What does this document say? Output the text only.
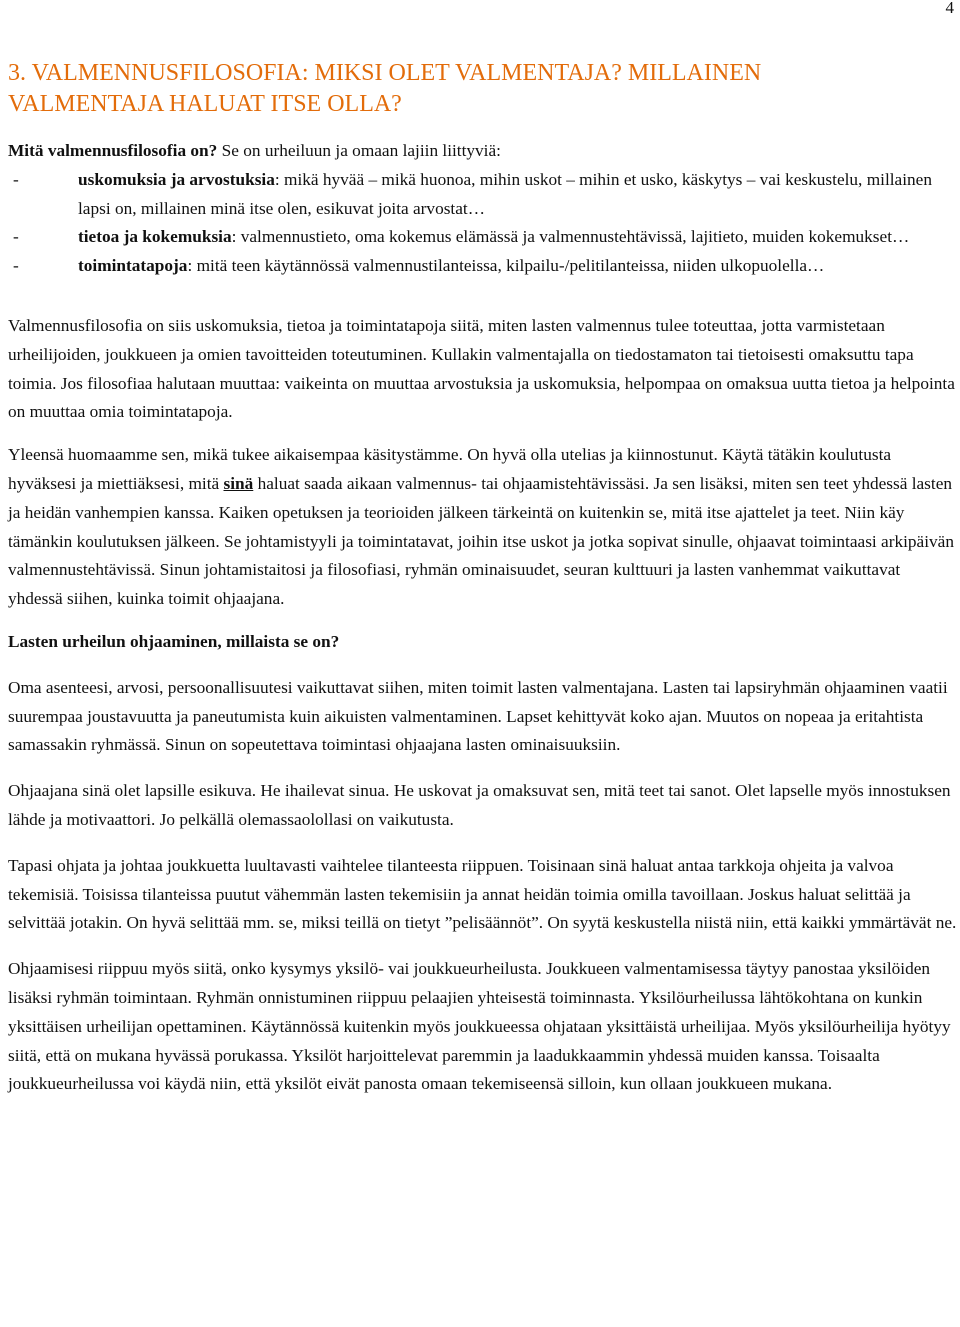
4
3. VALMENNUSFILOSOFIA: MIKSI OLET VALMENTAJA? MILLAINEN
VALMENTAJA HALUAT ITSE OLLA?

Mitä valmennusfilosofia on? Se on urheiluun ja omaan lajiin liittyviä:

-	uskomuksia ja arvostuksia: mikä hyvää – mikä huonoa, mihin uskot – mihin et usko, käskytys – vai keskustelu, millainen lapsi on, millainen minä itse olen, esikuvat joita arvostat…
-	tietoa ja kokemuksia: valmennustieto, oma kokemus elämässä ja valmennustehtävissä, lajitieto, muiden kokemukset…
-	toimintatapoja: mitä teen käytännössä valmennustilanteissa, kilpailu-/pelitilanteissa, niiden ulkopuolella…

Valmennusfilosofia on siis uskomuksia, tietoa ja toimintatapoja siitä, miten lasten valmennus tulee toteuttaa, jotta varmistetaan urheilijoiden, joukkueen ja omien tavoitteiden toteutuminen. Kullakin valmentajalla on tiedostamaton tai tietoisesti omaksuttu tapa toimia. Jos filosofiaa halutaan muuttaa: vaikeinta on muuttaa arvostuksia ja uskomuksia, helpompaa on omaksua uutta tietoa ja helpointa on muuttaa omia toimintatapoja.

Yleensä huomaamme sen, mikä tukee aikaisempaa käsitystämme. On hyvä olla utelias ja kiinnostunut. Käytä tätäkin koulutusta hyväksesi ja miettiäksesi, mitä sinä haluat saada aikaan valmennus- tai ohjaamistehtävissäsi. Ja sen lisäksi, miten sen teet yhdessä lasten ja heidän vanhempien kanssa. Kaiken opetuksen ja teorioiden jälkeen tärkeintä on kuitenkin se, mitä itse ajattelet ja teet. Niin käy tämänkin koulutuksen jälkeen. Se johtamistyyli ja toimintatavat, joihin itse uskot ja jotka sopivat sinulle, ohjaavat toimintaasi arkipäivän valmennustehtävissä. Sinun johtamistaitosi ja filosofiasi, ryhmän ominaisuudet, seuran kulttuuri ja lasten vanhemmat vaikuttavat yhdessä siihen, kuinka toimit ohjaajana.

Lasten urheilun ohjaaminen, millaista se on?

Oma asenteesi, arvosi, persoonallisuutesi vaikuttavat siihen, miten toimit lasten valmentajana. Lasten tai lapsiryhmän ohjaaminen vaatii suurempaa joustavuutta ja paneutumista kuin aikuisten valmentaminen. Lapset kehittyvät koko ajan. Muutos on nopeaa ja eritahtista samassakin ryhmässä. Sinun on sopeutettava toimintasi ohjaajana lasten ominaisuuksiin.

Ohjaajana sinä olet lapsille esikuva. He ihailevat sinua. He uskovat ja omaksuvat sen, mitä teet tai sanot. Olet lapselle myös innostuksen lähde ja motivaattori. Jo pelkällä olemassaolollasi on vaikutusta.

Tapasi ohjata ja johtaa joukkuetta luultavasti vaihtelee tilanteesta riippuen. Toisinaan sinä haluat antaa tarkkoja ohjeita ja valvoa tekemisiä. Toisissa tilanteissa puutut vähemmän lasten tekemisiin ja annat heidän toimia omilla tavoillaan. Joskus haluat selittää ja selvittää jotakin. On hyvä selittää mm. se, miksi teillä on tietyt ”pelisäännöt”. On syytä keskustella niistä niin, että kaikki ymmärtävät ne.

Ohjaamisesi riippuu myös siitä, onko kysymys yksilö- vai joukkueurheilusta. Joukkueen valmentamisessa täytyy panostaa yksilöiden lisäksi ryhmän toimintaan. Ryhmän onnistuminen riippuu pelaajien yhteisestä toiminnasta. Yksilöurheilussa lähtökohtana on kunkin yksittäisen urheilijan opettaminen. Käytännössä kuitenkin myös joukkueessa ohjataan yksittäistä urheilijaa. Myös yksilöurheilija hyötyy siitä, että on mukana hyvässä porukassa. Yksilöt harjoittelevat paremmin ja laadukkaammin yhdessä muiden kanssa. Toisaalta joukkueurheilussa voi käydä niin, että yksilöt eivät panosta omaan tekemiseensä silloin, kun ollaan joukkueen mukana.
